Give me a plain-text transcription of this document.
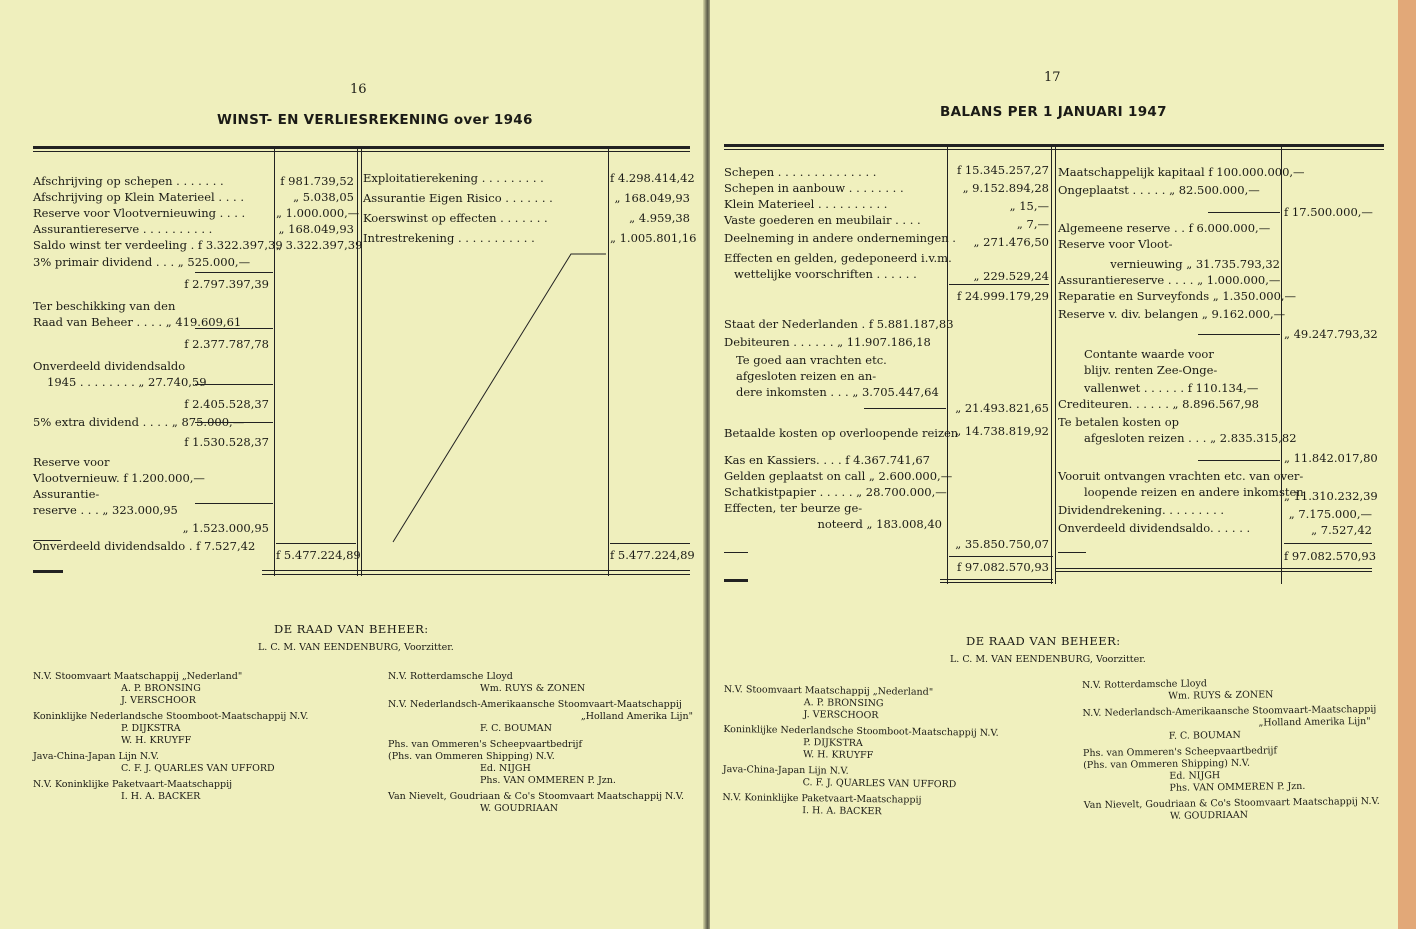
16
WINST- EN VERLIESREKENING over 1946
Afschrijving op schepen . . . . . . .
Afschrijving op Klein Materieel . . . .
Reserve voor Vlootvernieuwing . . . .
Assurantiereserve . . . . . . . . . .
Saldo winst ter verdeeling . f 3.322.397,39
f 981.739,52
„ 5.038,05
„ 1.000.000,—
„ 168.049,93
„ 3.322.397,39
3% primair dividend . . . „ 525.000,—
f 2.797.397,39
Ter beschikking van den
Raad van Beheer . . . . „ 419.609,61
f 2.377.787,78
Onverdeeld dividendsaldo
1945 . . . . . . . . „ 27.740,59
f 2.405.528,37
5% extra dividend . . . . „ 875.000,—
f 1.530.528,37
Reserve voor
Vlootvernieuw. f 1.200.000,—
Assurantie-
reserve . . . „ 323.000,95
„ 1.523.000,95
Onverdeeld dividendsaldo . f 7.527,42
f 5.477.224,89
Exploitatierekening . . . . . . . . .
Assurantie Eigen Risico . . . . . . .
Koerswinst op effecten . . . . . . .
Intrestrekening . . . . . . . . . . .
f 4.298.414,42
„ 168.049,93
„ 4.959,38
„ 1.005.801,16
f 5.477.224,89
DE RAAD VAN BEHEER:
L. C. M. VAN EENDENBURG, Voorzitter.
N.V. Stoomvaart Maatschappij „Nederland"
A. P. BRONSING
J. VERSCHOOR
Koninklijke Nederlandsche Stoomboot-Maatschappij N.V.
P. DIJKSTRA
W. H. KRUYFF
Java-China-Japan Lijn N.V.
C. F. J. QUARLES VAN UFFORD
N.V. Koninklijke Paketvaart-Maatschappij
I. H. A. BACKER
N.V. Rotterdamsche Lloyd
Wm. RUYS & ZONEN
N.V. Nederlandsch-Amerikaansche Stoomvaart-Maatschappij
„Holland Amerika Lijn"
F. C. BOUMAN
Phs. van Ommeren's Scheepvaartbedrijf
(Phs. van Ommeren Shipping) N.V.
Ed. NIJGH
Phs. VAN OMMEREN P. Jzn.
Van Nievelt, Goudriaan & Co's Stoomvaart Maatschappij N.V.
W. GOUDRIAAN
17
BALANS PER 1 JANUARI 1947
Schepen . . . . . . . . . . . . . .
Schepen in aanbouw . . . . . . . .
Klein Materieel . . . . . . . . . .
Vaste goederen en meubilair . . . .
Deelneming in andere ondernemingen .
Effecten en gelden, gedeponeerd i.v.m.
wettelijke voorschriften . . . . . .
f 15.345.257,27
„ 9.152.894,28
„ 15,—
„ 7,—
„ 271.476,50
„ 229.529,24
f 24.999.179,29
Staat der Nederlanden . f 5.881.187,83
Debiteuren . . . . . . „ 11.907.186,18
Te goed aan vrachten etc.
afgesloten reizen en an-
dere inkomsten . . . „ 3.705.447,64
„ 21.493.821,65
Betaalde kosten op overloopende reizen
„ 14.738.819,92
Kas en Kassiers. . . . f 4.367.741,67
Gelden geplaatst on call „ 2.600.000,—
Schatkistpapier . . . . . „ 28.700.000,—
Effecten, ter beurze ge-
noteerd „ 183.008,40
„ 35.850.750,07
f 97.082.570,93
Maatschappelijk kapitaal f 100.000.000,—
Ongeplaatst . . . . . „ 82.500.000,—
Algemeene reserve . . f 6.000.000,—
Reserve voor Vloot-
vernieuwing „ 31.735.793,32
Assurantiereserve . . . . „ 1.000.000,—
Reparatie en Surveyfonds „ 1.350.000,—
Reserve v. div. belangen „ 9.162.000,—
Contante waarde voor
blijv. renten Zee-Onge-
vallenwet . . . . . . f 110.134,—
Crediteuren. . . . . . „ 8.896.567,98
Te betalen kosten op
afgesloten reizen . . . „ 2.835.315,82
Vooruit ontvangen vrachten etc. van over-
loopende reizen en andere inkomsten
Dividendrekening. . . . . . . . .
Onverdeeld dividendsaldo. . . . . .
f 17.500.000,—
„ 49.247.793,32
„ 11.842.017,80
„ 11.310.232,39
„ 7.175.000,—
„ 7.527,42
f 97.082.570,93
DE RAAD VAN BEHEER:
L. C. M. VAN EENDENBURG, Voorzitter.
N.V. Stoomvaart Maatschappij „Nederland"
A. P. BRONSING
J. VERSCHOOR
Koninklijke Nederlandsche Stoomboot-Maatschappij N.V.
P. DIJKSTRA
W. H. KRUYFF
Java-China-Japan Lijn N.V.
C. F. J. QUARLES VAN UFFORD
N.V. Koninklijke Paketvaart-Maatschappij
I. H. A. BACKER
N.V. Rotterdamsche Lloyd
Wm. RUYS & ZONEN
N.V. Nederlandsch-Amerikaansche Stoomvaart-Maatschappij
„Holland Amerika Lijn"
F. C. BOUMAN
Phs. van Ommeren's Scheepvaartbedrijf
(Phs. van Ommeren Shipping) N.V.
Ed. NIJGH
Phs. VAN OMMEREN P. Jzn.
Van Nievelt, Goudriaan & Co's Stoomvaart Maatschappij N.V.
W. GOUDRIAAN
